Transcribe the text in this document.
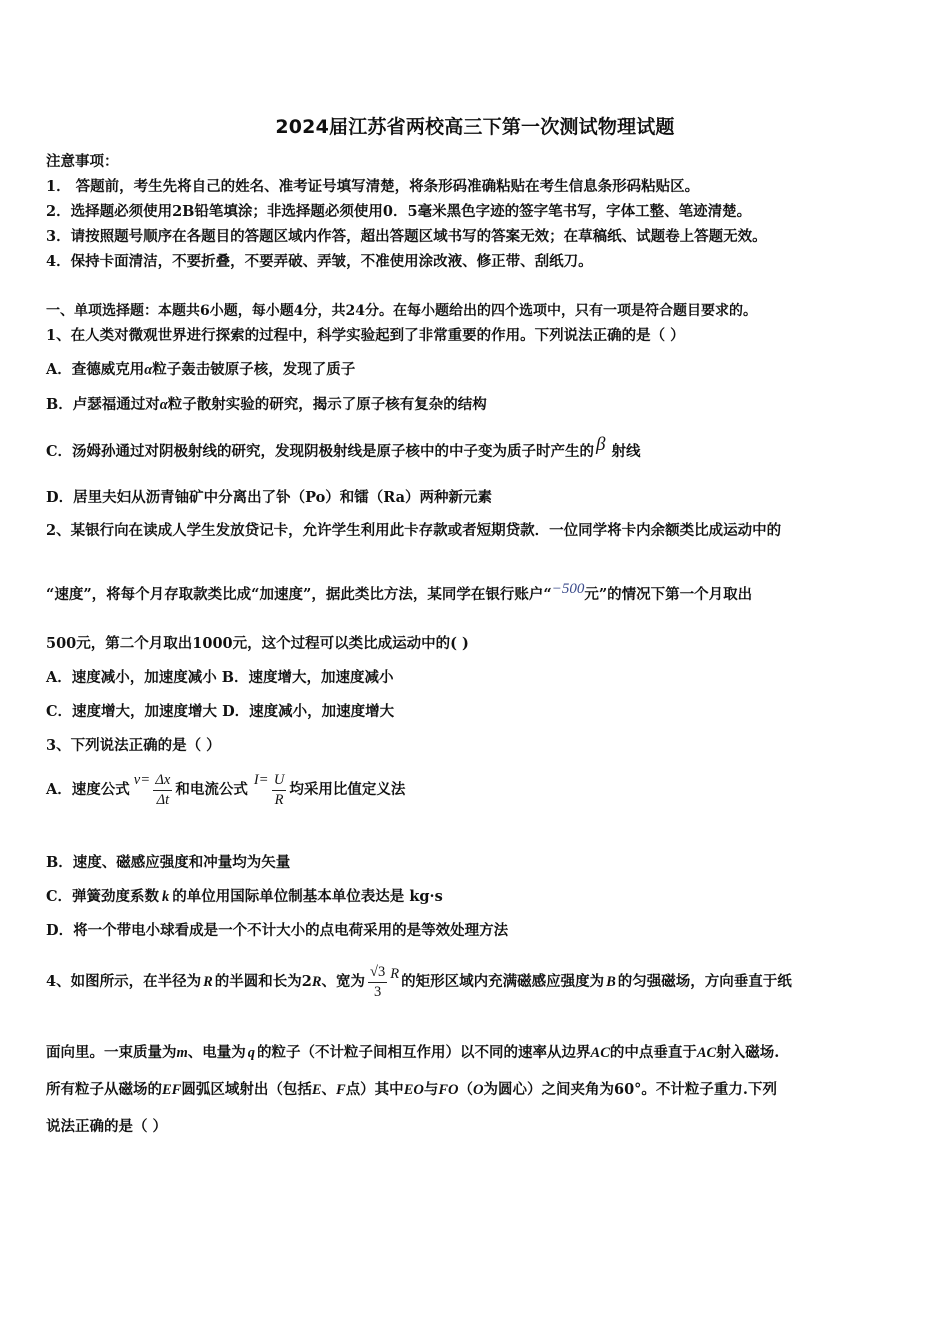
2024届江苏省两校高三下第一次测试物理试题
注意事项：
1． 答题前，考生先将自己的姓名、准考证号填写清楚，将条形码准确粘贴在考生信息条形码粘贴区。
2．选择题必须使用2B铅笔填涂；非选择题必须使用0．5毫米黑色字迹的签字笔书写，字体工整、笔迹清楚。
3．请按照题号顺序在各题目的答题区域内作答，超出答题区域书写的答案无效；在草稿纸、试题卷上答题无效。
4．保持卡面清洁，不要折叠，不要弄破、弄皱，不准使用涂改液、修正带、刮纸刀。
一、单项选择题：本题共6小题，每小题4分，共24分。在每小题给出的四个选项中，只有一项是符合题目要求的。
1、在人类对微观世界进行探索的过程中，科学实验起到了非常重要的作用。下列说法正确的是（ ）
A．查德威克用α粒子轰击铍原子核，发现了质子
B．卢瑟福通过对α粒子散射实验的研究，揭示了原子核有复杂的结构
C．汤姆孙通过对阴极射线的研究，发现阴极射线是原子核中的中子变为质子时产生的 β 射线
D．居里夫妇从沥青铀矿中分离出了钋（Po）和镭（Ra）两种新元素
2、某银行向在读成人学生发放贷记卡，允许学生利用此卡存款或者短期贷款．一位同学将卡内余额类比成运动中的
“速度”，将每个月存取款类比成“加速度”，据此类比方法，某同学在银行账户“−500元”的情况下第一个月取出
500元，第二个月取出1000元，这个过程可以类比成运动中的( )
A．速度减小，加速度减小 B．速度增大，加速度减小
C．速度增大，加速度增大 D．速度减小，加速度增大
3、下列说法正确的是（ ）
A．速度公式$v= \frac{\Delta x}{\Delta t}$ 和电流公式$I= \frac{U}{R}$ 均采用比值定义法
B．速度、磁感应强度和冲量均为矢量
C．弹簧劲度系数 k 的单位用国际单位制基本单位表达是 kg·s
D．将一个带电小球看成是一个不计大小的点电荷采用的是等效处理方法
4、如图所示，在半径为 R 的半圆和长为2R、宽为 $\frac{√3}{3}$ R 的矩形区域内充满磁感应强度为 B 的匀强磁场，方向垂直于纸
面向里。一束质量为m、电量为 q 的粒子（不计粒子间相互作用）以不同的速率从边界AC的中点垂直于AC射入磁场.
所有粒子从磁场的EF圆弧区域射出（包括E、F点）其中EO与FO（O为圆心）之间夹角为60°。不计粒子重力.下列
说法正确的是（ ）
